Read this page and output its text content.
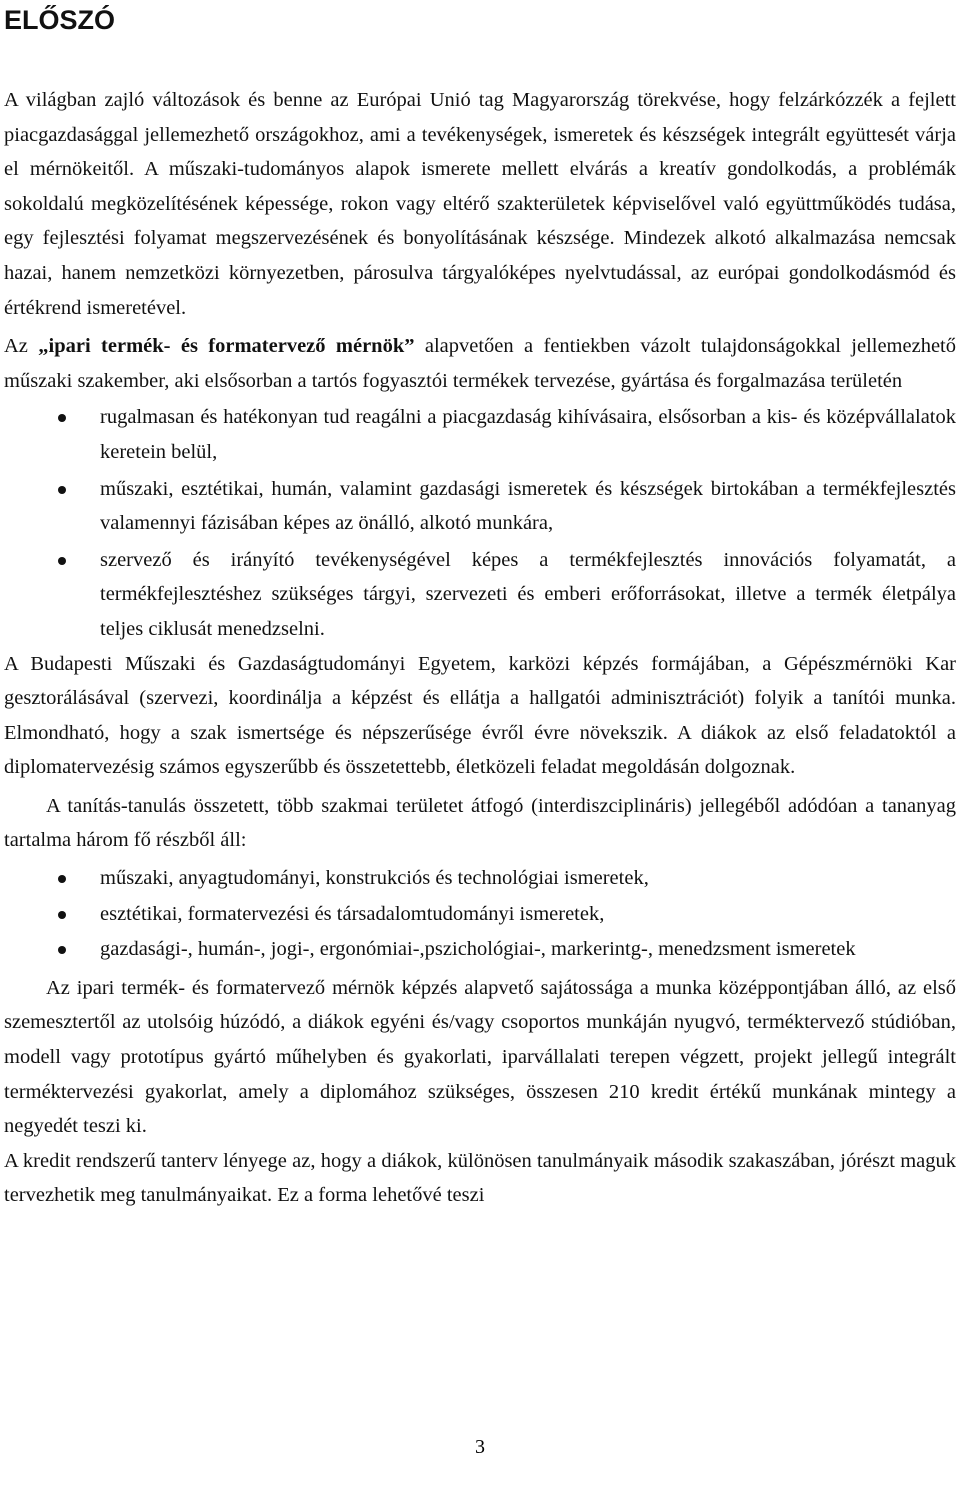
ELŐSZÓ

A világban zajló változások és benne az Európai Unió tag Magyarország törekvése, hogy felzárkózzék a fejlett piacgazdasággal jellemezhető országokhoz, ami a tevékenységek, ismeretek és készségek integrált együttesét várja el mérnökeitől. A műszaki-tudományos alapok ismerete mellett elvárás a kreatív gondolkodás, a problémák sokoldalú megközelítésének képessége, rokon vagy eltérő szakterületek képviselővel való együttműködés tudása, egy fejlesztési folyamat megszervezésének és bonyolításának készsége. Mindezek alkotó alkalmazása nemcsak hazai, hanem nemzetközi környezetben, párosulva tárgyalóképes nyelvtudással, az európai gondolkodásmód és értékrend ismeretével.

Az „ipari termék- és formatervező mérnök” alapvetően a fentiekben vázolt tulajdonságokkal jellemezhető műszaki szakember, aki elsősorban a tartós fogyasztói termékek tervezése, gyártása és forgalmazása területén

rugalmasan és hatékonyan tud reagálni a piacgazdaság kihívásaira, elsősorban a kis- és középvállalatok keretein belül,
műszaki, esztétikai, humán, valamint gazdasági ismeretek és készségek birtokában a termékfejlesztés valamennyi fázisában képes az önálló, alkotó munkára,
szervező és irányító tevékenységével képes a termékfejlesztés innovációs folyamatát, a termékfejlesztéshez szükséges tárgyi, szervezeti és emberi erőforrásokat, illetve a termék életpálya teljes ciklusát menedzselni.

A Budapesti Műszaki és Gazdaságtudományi Egyetem, karközi képzés formájában, a Gépészmérnöki Kar gesztorálásával (szervezi, koordinálja a képzést és ellátja a hallgatói adminisztrációt) folyik a tanítói munka. Elmondható, hogy a szak ismertsége és népszerűsége évről évre növekszik. A diákok az első feladatoktól a diplomatervezésig számos egyszerűbb és összetettebb, életközeli feladat megoldásán dolgoznak.

A tanítás-tanulás összetett, több szakmai területet átfogó (interdiszciplináris) jellegéből adódóan a tananyag tartalma három fő részből áll:

műszaki, anyagtudományi, konstrukciós és technológiai ismeretek,
esztétikai, formatervezési és társadalomtudományi ismeretek,
gazdasági-, humán-, jogi-, ergonómiai-,pszichológiai-, markerintg-, menedzsment ismeretek

Az ipari termék- és formatervező mérnök képzés alapvető sajátossága a munka középpontjában álló, az első szemesztertől az utolsóig húzódó, a diákok egyéni és/vagy csoportos munkáján nyugvó, terméktervező stúdióban, modell vagy prototípus gyártó műhelyben és gyakorlati, iparvállalati terepen végzett, projekt jellegű integrált terméktervezési gyakorlat, amely a diplomához szükséges, összesen 210 kredit értékű munkának mintegy a negyedét teszi ki.

A kredit rendszerű tanterv lényege az, hogy a diákok, különösen tanulmányaik második szakaszában, jórészt maguk tervezhetik meg tanulmányaikat. Ez a forma lehetővé teszi

3
